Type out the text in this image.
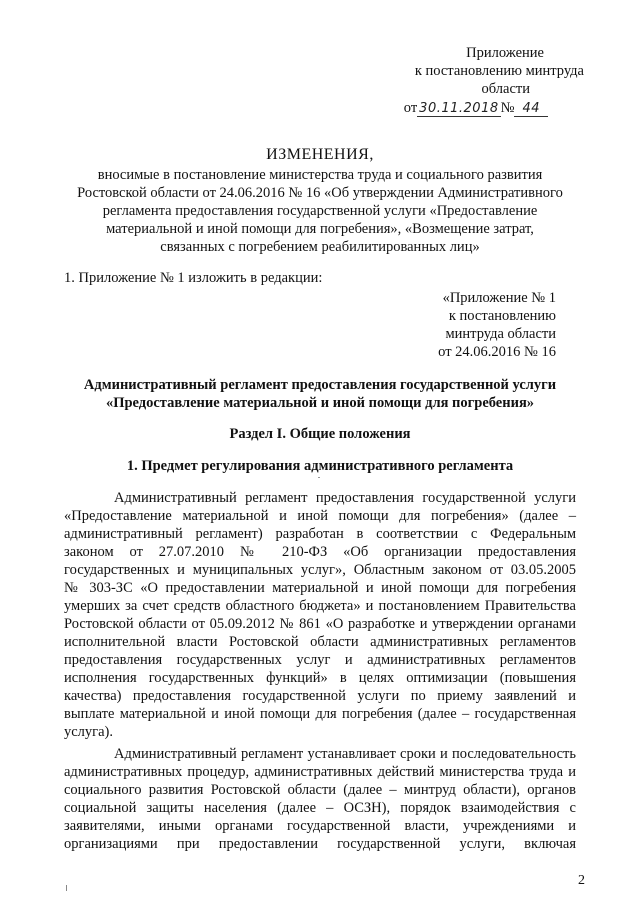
Приложение
к постановлению минтруда
области
от 30.11.2018 № 44
ИЗМЕНЕНИЯ,
вносимые в постановление министерства труда и социального развития
Ростовской области от 24.06.2016 № 16 «Об утверждении Административного
регламента предоставления государственной услуги «Предоставление
материальной и иной помощи для погребения», «Возмещение затрат,
связанных с погребением реабилитированных лиц»
1. Приложение № 1 изложить в редакции:
«Приложение № 1
к постановлению
минтруда области
от 24.06.2016 № 16
Административный регламент предоставления государственной услуги
«Предоставление материальной и иной помощи для погребения»
Раздел I. Общие положения
1. Предмет регулирования административного регламента
Административный регламент предоставления государственной услуги
«Предоставление материальной и иной помощи для погребения» (далее –
административный регламент) разработан в соответствии с Федеральным
законом от 27.07.2010 № 210-ФЗ «Об организации предоставления
государственных и муниципальных услуг», Областным законом от 03.05.2005
№ 303-ЗС «О предоставлении материальной и иной помощи для погребения
умерших за счет средств областного бюджета» и постановлением Правительства
Ростовской области от 05.09.2012 № 861 «О разработке и утверждении органами
исполнительной власти Ростовской области административных регламентов
предоставления государственных услуг и административных регламентов
исполнения государственных функций» в целях оптимизации (повышения
качества) предоставления государственной услуги по приему заявлений и
выплате материальной и иной помощи для погребения (далее – государственная
услуга).
Административный регламент устанавливает сроки и последовательность
административных процедур, административных действий министерства труда и
социального развития Ростовской области (далее – минтруд области), органов
социальной защиты населения (далее – ОСЗН), порядок взаимодействия с
заявителями, иными органами государственной власти, учреждениями и
организациями при предоставлении государственной услуги, включая
2
